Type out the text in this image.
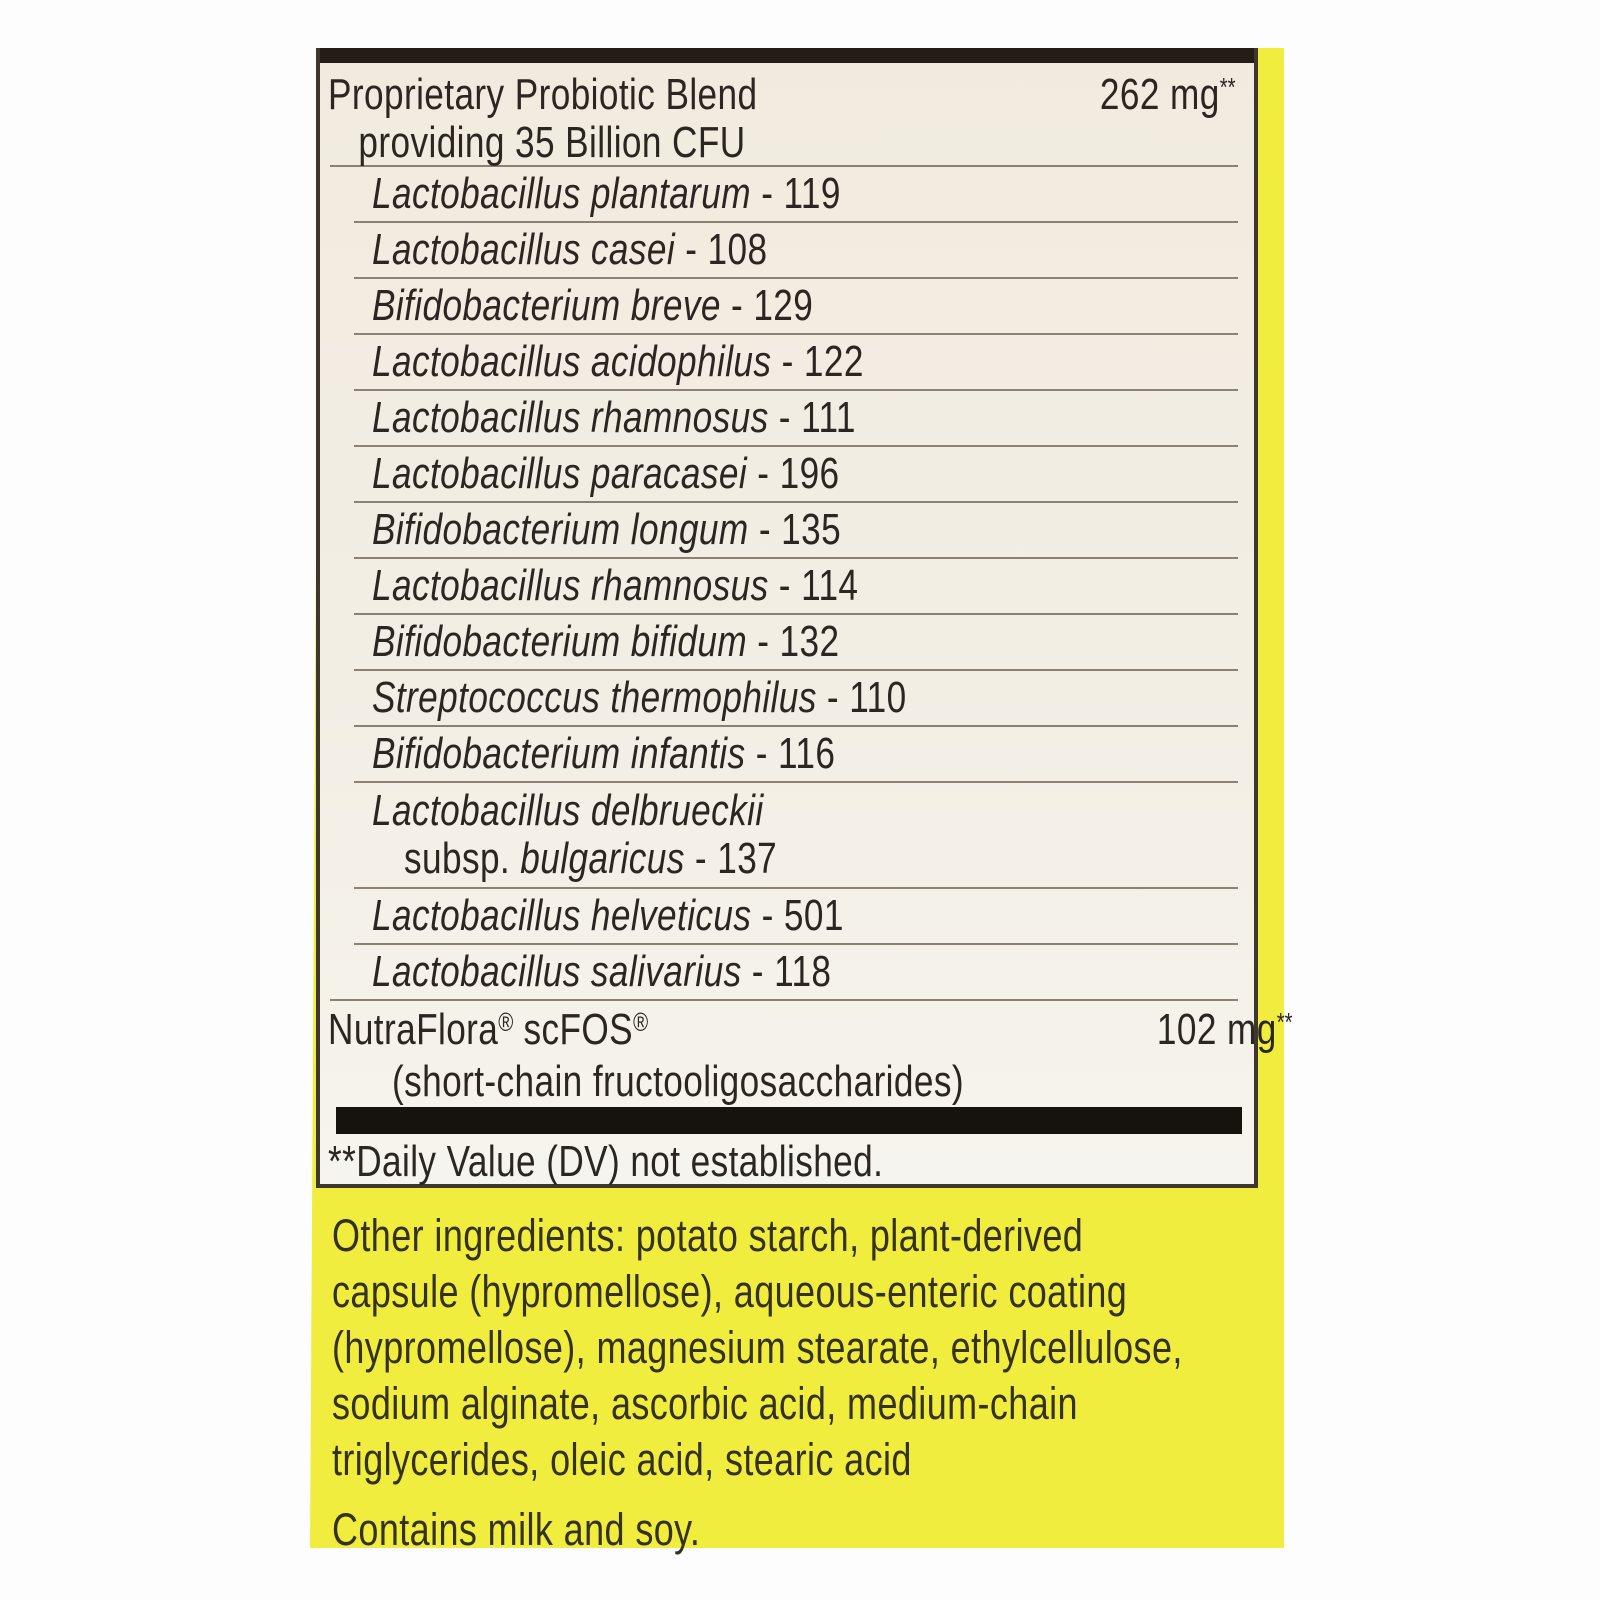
Proprietary Probiotic Blend
providing 35 Billion CFU
262 mg**
Lactobacillus plantarum - 119
Lactobacillus casei - 108
Bifidobacterium breve - 129
Lactobacillus acidophilus - 122
Lactobacillus rhamnosus - 111
Lactobacillus paracasei - 196
Bifidobacterium longum - 135
Lactobacillus rhamnosus - 114
Bifidobacterium bifidum - 132
Streptococcus thermophilus - 110
Bifidobacterium infantis - 116
Lactobacillus delbrueckii
subsp. bulgaricus - 137
Lactobacillus helveticus - 501
Lactobacillus salivarius - 118
NutraFlora® scFOS®
(short-chain fructooligosaccharides)
102 mg**
**Daily Value (DV) not established.
Other ingredients: potato starch, plant-derived
capsule (hypromellose), aqueous-enteric coating
(hypromellose), magnesium stearate, ethylcellulose,
sodium alginate, ascorbic acid, medium-chain
triglycerides, oleic acid, stearic acid
Contains milk and soy.
